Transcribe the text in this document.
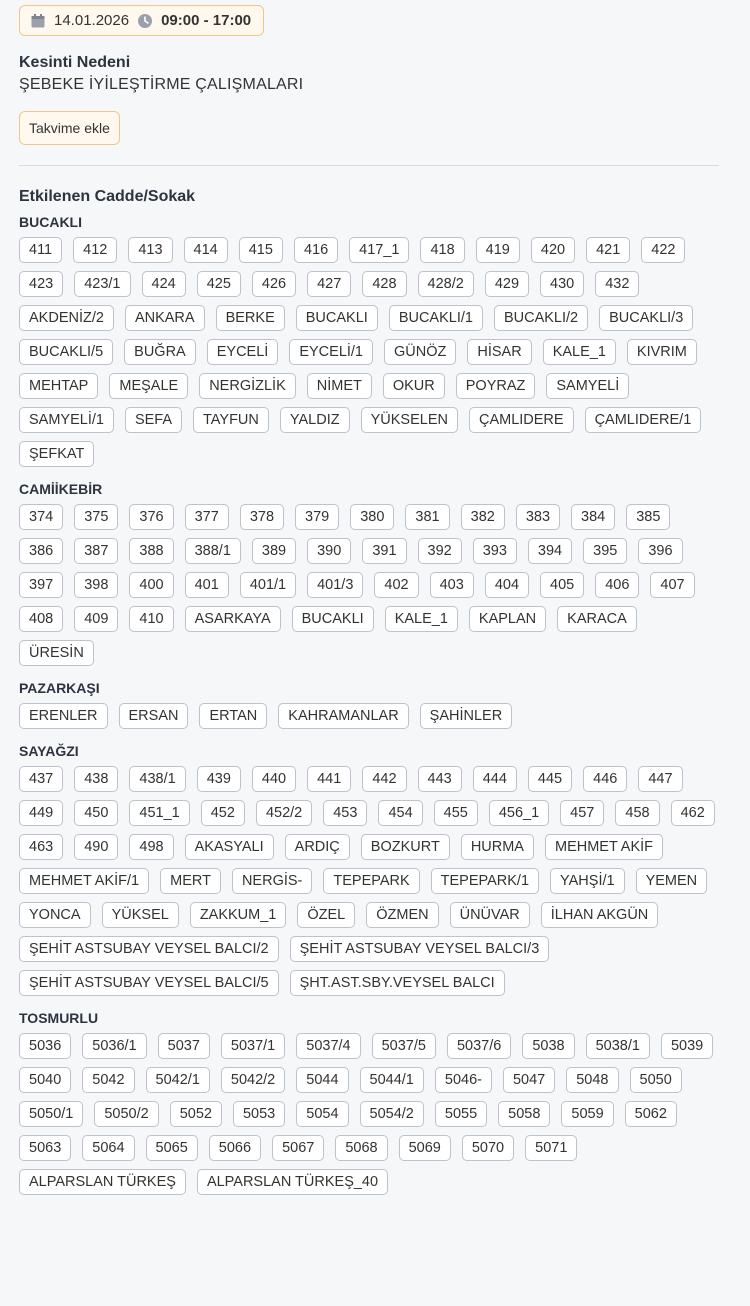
14.01.2026 09:00 - 17:00
Kesinti Nedeni
ŞEBEKE İYİLEŞTİRME ÇALIŞMALARI
Takvime ekle
Etkilenen Cadde/Sokak
BUCAKLI
411	412	413	414	415	416	417_1	418	419	420	421	422
423	423/1	424	425	426	427	428	428/2	429	430	432
AKDENİZ/2	ANKARA	BERKE	BUCAKLI	BUCAKLI/1	BUCAKLI/2	BUCAKLI/3
BUCAKLI/5	BUĞRA	EYCELİ	EYCELİ/1	GÜNÖZ	HİSAR	KALE_1	KIVRIM
MEHTAP	MEŞALE	NERGİZLİK	NİMET	OKUR	POYRAZ	SAMYELİ
SAMYELİ/1	SEFA	TAYFUN	YALDIZ	YÜKSELEN	ÇAMLIDERE	ÇAMLIDERE/1
ŞEFKAT
CAMİİKEBİR
374	375	376	377	378	379	380	381	382	383	384	385
386	387	388	388/1	389	390	391	392	393	394	395	396
397	398	400	401	401/1	401/3	402	403	404	405	406	407
408	409	410	ASARKAYA	BUCAKLI	KALE_1	KAPLAN	KARACA
ÜRESİN
PAZARKAŞI
ERENLER	ERSAN	ERTAN	KAHRAMANLAR	ŞAHİNLER
SAYAĞZI
437	438	438/1	439	440	441	442	443	444	445	446	447
449	450	451_1	452	452/2	453	454	455	456_1	457	458	462
463	490	498	AKASYALI	ARDIÇ	BOZKURT	HURMA	MEHMET AKİF
MEHMET AKİF/1	MERT	NERGİS-	TEPEPARK	TEPEPARK/1	YAHŞİ/1	YEMEN
YONCA	YÜKSEL	ZAKKUM_1	ÖZEL	ÖZMEN	ÜNÜVAR	İLHAN AKGÜN
ŞEHİT ASTSUBAY VEYSEL BALCI/2	ŞEHİT ASTSUBAY VEYSEL BALCI/3
ŞEHİT ASTSUBAY VEYSEL BALCI/5	ŞHT.AST.SBY.VEYSEL BALCI
TOSMURLU
5036	5036/1	5037	5037/1	5037/4	5037/5	5037/6	5038	5038/1	5039
5040	5042	5042/1	5042/2	5044	5044/1	5046-	5047	5048	5050
5050/1	5050/2	5052	5053	5054	5054/2	5055	5058	5059	5062
5063	5064	5065	5066	5067	5068	5069	5070	5071
ALPARSLAN TÜRKEŞ	ALPARSLAN TÜRKEŞ_40
